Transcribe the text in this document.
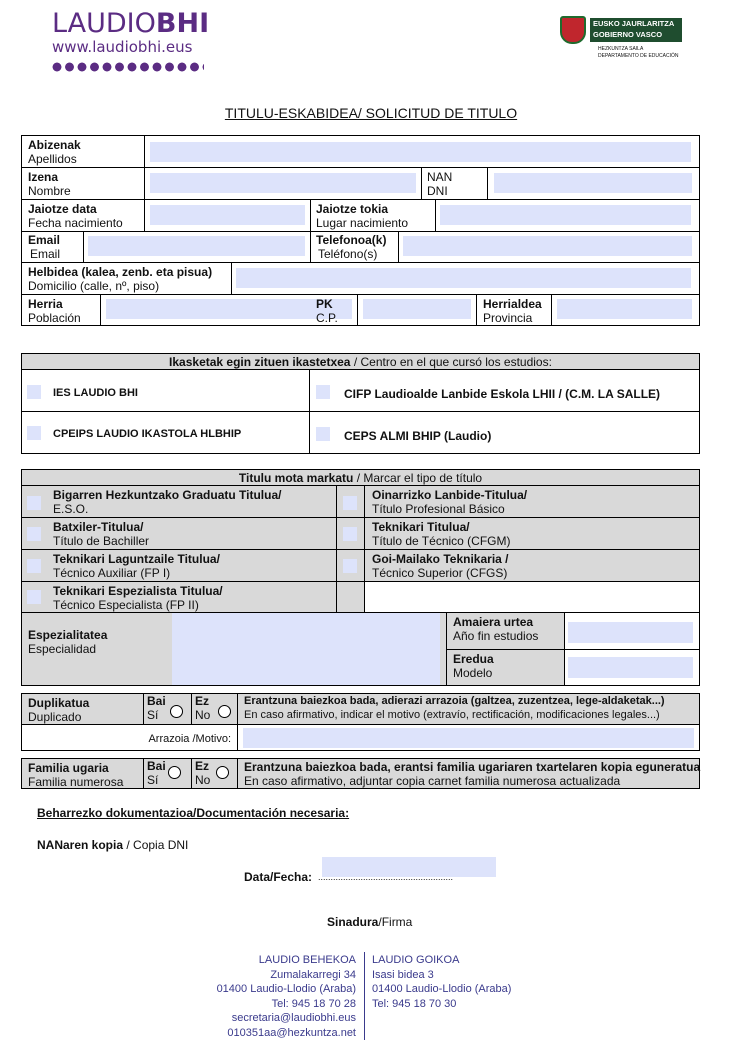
LAUDIOBHI
www.laudiobhi.eus
EUSKO JAURLARITZA
GOBIERNO VASCO
HEZKUNTZA SAILA
DEPARTAMENTO DE EDUCACIÓN
TITULU-ESKABIDEA/ SOLICITUD DE TITULO
Abizenak
Apellidos
Izena
Nombre
NAN
DNI
Jaiotze data
Fecha nacimiento
Jaiotze tokia
Lugar nacimiento
Email
Email
Telefonoa(k)
Teléfono(s)
Helbidea (kalea, zenb. eta pisua)
Domicilio (calle, nº, piso)
Herria
Población
PK
C.P.
Herrialdea
Provincia
Ikasketak egin zituen ikastetxea / Centro en el que cursó los estudios:
IES LAUDIO BHI	CIFP Laudioalde Lanbide Eskola LHII / (C.M. LA SALLE)
CPEIPS LAUDIO IKASTOLA HLBHIP	CEPS ALMI BHIP (Laudio)
Titulu mota markatu / Marcar el tipo de título
Bigarren Hezkuntzako Graduatu Titulua/
E.S.O.
Oinarrizko Lanbide-Titulua/
Título Profesional Básico
Batxiler-Titulua/
Título de Bachiller
Teknikari Titulua/
Título de Técnico (CFGM)
Teknikari Laguntzaile Titulua/
Técnico Auxiliar (FP I)
Goi-Mailako Teknikaria /
Técnico Superior (CFGS)
Teknikari Espezialista Titulua/
Técnico Especialista (FP II)
Espezialitatea
Especialidad
Amaiera urtea
Año fin estudios
Eredua
Modelo
Duplikatua
Duplicado
Bai
Sí
Ez
No
Erantzuna baiezkoa bada, adierazi arrazoia (galtzea, zuzentzea, lege-aldaketak...)
En caso afirmativo, indicar el motivo (extravío, rectificación, modificaciones legales...)
Arrazoia /Motivo:
Familia ugaria
Familia numerosa
Bai
Sí
Ez
No
Erantzuna baiezkoa bada, erantsi familia ugariaren txartelaren kopia eguneratua
En caso afirmativo, adjuntar copia carnet familia numerosa actualizada
Beharrezko dokumentazioa/Documentación necesaria:
NANaren kopia / Copia DNI
Data/Fecha: ......................................................
Sinadura/Firma
LAUDIO BEHEKOA
Zumalakarregi 34
01400 Laudio-Llodio (Araba)
Tel: 945 18 70 28
secretaria@laudiobhi.eus
010351aa@hezkuntza.net
LAUDIO GOIKOA
Isasi bidea 3
01400 Laudio-Llodio (Araba)
Tel: 945 18 70 30
